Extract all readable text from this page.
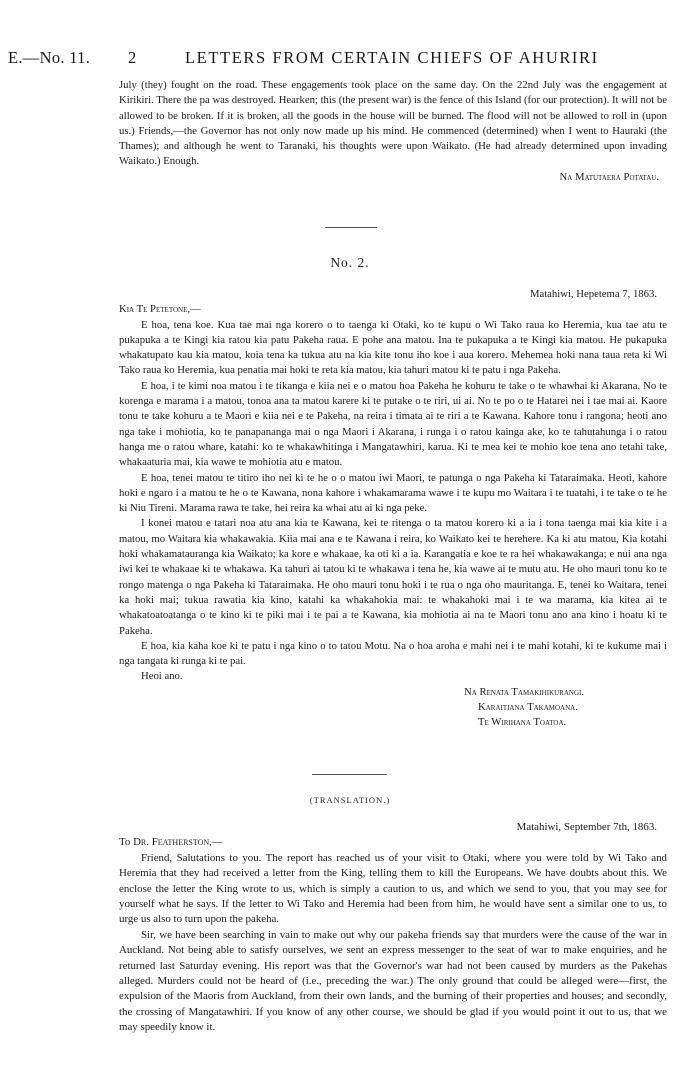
E.—No. 11. 2	LETTERS FROM CERTAIN CHIEFS OF AHURIRI

July (they) fought on the road. These engagements took place on the same day. On the 22nd July was the engagement at Kirikiri. There the pa was destroyed. Hearken; this (the present war) is the fence of this Island (for our protection). It will not be allowed to be broken. If it is broken, all the goods in the house will be burned. The flood will not be allowed to roll in (upon us.) Friends,—the Governor has not only now made up his mind. He commenced (determined) when I went to Hauraki (the Thames); and although he went to Taranaki, his thoughts were upon Waikato. (He had already determined upon invading Waikato.) Enough.

Na Matutaera Potatau.

No. 2.

Matahiwi, Hepetema 7, 1863.

Kia Te Petetone,—

E hoa, tena koe. Kua tae mai nga korero o to taenga ki Otaki, ko te kupu o Wi Tako raua ko Heremia, kua tae atu te pukapuka a te Kingi kia ratou kia patu Pakeha raua. E pohe ana matou. Ina te pukapuka a te Kingi kia matou. He pukapuka whakatupato kau kia matou, koia tena ka tukua atu na kia kite tonu iho koe i aua korero. Mehemea hoki nana taua reta ki Wi Tako raua ko Heremia, kua penatia mai hoki te reta kia matou, kia tahuri matou ki te patu i nga Pakeha.

E hoa, i te kimi noa matou i te tikanga e kiia nei e o matou hoa Pakeha he kohuru te take o te whawhai ki Akarana. No te korenga e marama i a matou, tonoa ana ta matou karere ki te putake o te riri, ui ai. No te po o te Hatarei nei i tae mai ai. Kaore tonu te take kohuru a te Maori e kiia nei e te Pakeha, na reira i timata ai te riri a te Kawana. Kahore tonu i rangona; heoti ano nga take i mohiotia, ko te panapananga mai o nga Maori i Akarana, i runga i o ratou kainga ake, ko te tahutahunga i o ratou hanga me o ratou whare, katahi: ko te whakawhitinga i Mangatawhiri, karua. Ki te mea kei te mohio koe tena ano tetahi take, whakaaturia mai, kia wawe te mohiotia atu e matou.

E hoa, tenei matou te titiro iho nei ki te he o o matou iwi Maori, te patunga o nga Pakeha ki Tataraimaka. Heoti, kahore hoki e ngaro i a matou te he o te Kawana, nona kahore i whakamarama wawe i te kupu mo Waitara i te tuatahi, i te take o te he ki Niu Tireni. Marama rawa te take, hei reira ka whai atu ai ki nga peke.

I konei matou e tatari noa atu ana kia te Kawana, kei te ritenga o ta matou korero ki a ia i tona taenga mai kia kite i a matou, mo Waitara kia whakawakia. Kiia mai ana e te Kawana i reira, ko Waikato kei te herehere. Ka ki atu matou, Kia kotahi hoki whakamatauranga kia Waikato; ka kore e whakaae, ka oti ki a ia. Karangatia e koe te ra hei whakawakanga; e nui ana nga iwi kei te whakaae ki te whakawa. Ka tahuri ai tatou ki te whakawa i tena he, kia wawe ai te mutu atu. He oho mauri tonu ko te rongo matenga o nga Pakeha ki Tataraimaka. He oho mauri tonu hoki i te rua o nga oho mauritanga. E, tenei ko Waitara, tenei ka hoki mai; tukua rawatia kia kino, katahi ka whakahokia mai: te whakahoki mai i te wa marama, kia kitea ai te whakatoatoatanga o te kino ki te piki mai i te pai a te Kawana, kia mohiotia ai na te Maori tonu ano ana kino i hoatu ki te Pakeha.

E hoa, kia kaha koe ki te patu i nga kino o to tatou Motu. Na o hoa aroha e mahi nei i te mahi kotahi, ki te kukume mai i nga tangata ki runga ki te pai.

Heoi ano.

Na Renata Tamakihikurangi.
Karaitiana Takamoana.
Te Wirihana Toatoa.
(TRANSLATION.)

Matahiwi, September 7th, 1863.

To Dr. Featherston,—

Friend, Salutations to you. The report has reached us of your visit to Otaki, where you were told by Wi Tako and Heremia that they had received a letter from the King, telling them to kill the Europeans. We have doubts about this. We enclose the letter the King wrote to us, which is simply a caution to us, and which we send to you, that you may see for yourself what he says. If the letter to Wi Tako and Heremia had been from him, he would have sent a similar one to us, to urge us also to turn upon the pakeha.

Sir, we have been searching in vain to make out why our pakeha friends say that murders were the cause of the war in Auckland. Not being able to satisfy ourselves, we sent an express messenger to the seat of war to make enquiries, and he returned last Saturday evening. His report was that the Governor's war had not been caused by murders as the Pakehas alleged. Murders could not be heard of (i.e., preceding the war.) The only ground that could be alleged were—first, the expulsion of the Maoris from Auckland, from their own lands, and the burning of their properties and houses; and secondly, the crossing of Mangatawhiri. If you know of any other course, we should be glad if you would point it out to us, that we may speedily know it.
